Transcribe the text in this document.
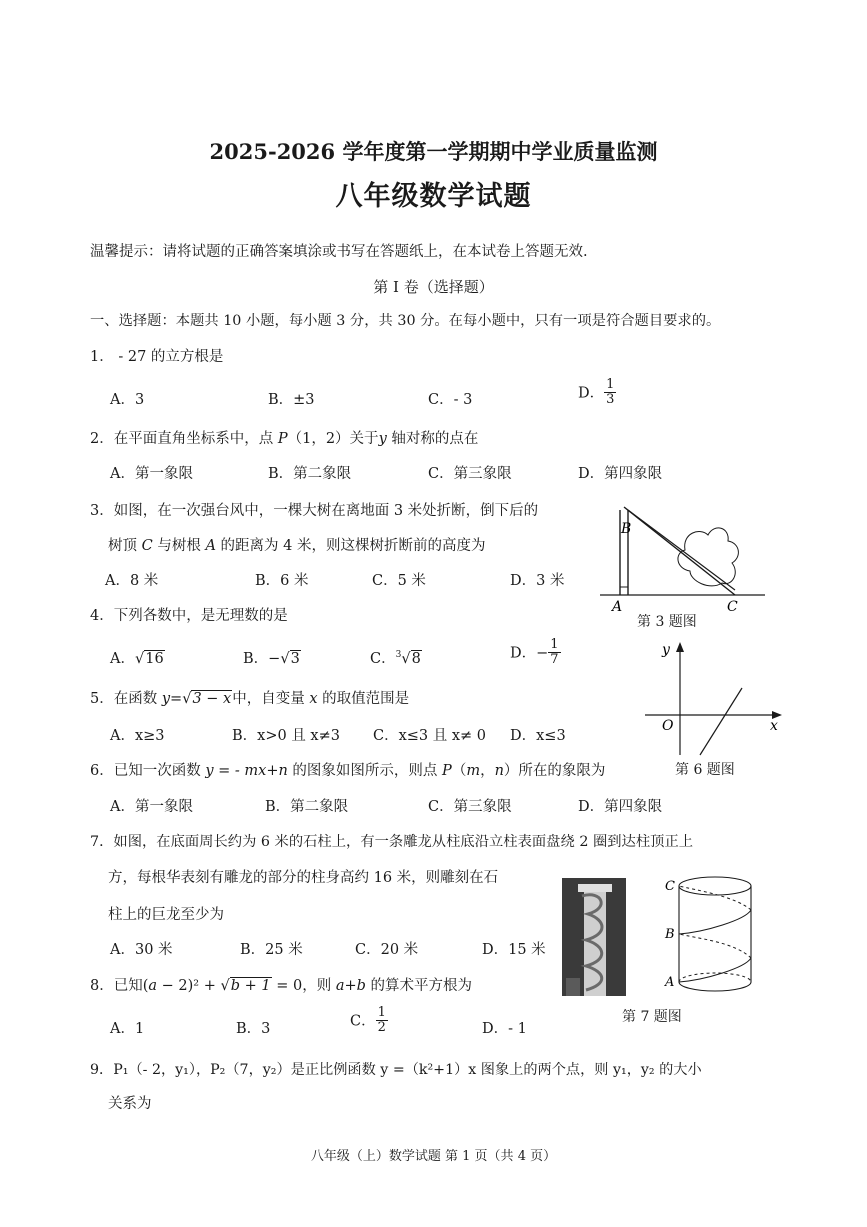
2025-2026 学年度第一学期期中学业质量监测
八年级数学试题
温馨提示：请将试题的正确答案填涂或书写在答题纸上，在本试卷上答题无效.
第 I 卷（选择题）
一、选择题：本题共 10 小题，每小题 3 分，共 30 分。在每小题中，只有一项是符合题目要求的。
1． - 27 的立方根是
A．3	B．±3	C．- 3	D． $\frac{1}{3}$
2．在平面直角坐标系中，点 P（1，2）关于y 轴对称的点在
A．第一象限	B．第二象限	C．第三象限	D．第四象限
3．如图，在一次强台风中，一棵大树在离地面 3 米处折断，倒下后的
树顶 C 与树根 A 的距离为 4 米，则这棵树折断前的高度为
A．8 米	B．6 米	C．5 米	D．3 米
B
A	C
第 3 题图
4．下列各数中，是无理数的是
A．√16	B．−√3	C．$^3$√8	D．− $\frac{1}{7}$
5．在函数 y=√3 − x中，自变量 x 的取值范围是
A．x≥3	B．x>0 且 x≠3 C．x≤3 且 x≠ 0 D．x≤3
y
x
O
第 6 题图
6．已知一次函数 y = - mx+n 的图象如图所示，则点 P（m，n）所在的象限为
A．第一象限	B．第二象限	C．第三象限	D．第四象限
7．如图，在底面周长约为 6 米的石柱上，有一条雕龙从柱底沿立柱表面盘绕 2 圈到达柱顶正上
方，每根华表刻有雕龙的部分的柱身高约 16 米，则雕刻在石
柱上的巨龙至少为
A．30 米	B．25 米	C．20 米	D．15 米
C
B
A
第 7 题图
8．已知(a − 2)² + √b + 1 = 0，则 a+b 的算术平方根为
A．1	B．3	C． $\frac{1}{2}$	D．- 1
9．P₁（- 2，y₁），P₂（7，y₂）是正比例函数 y =（k²+1）x 图象上的两个点，则 y₁，y₂ 的大小
关系为
八年级（上）数学试题 第 1 页（共 4 页）
